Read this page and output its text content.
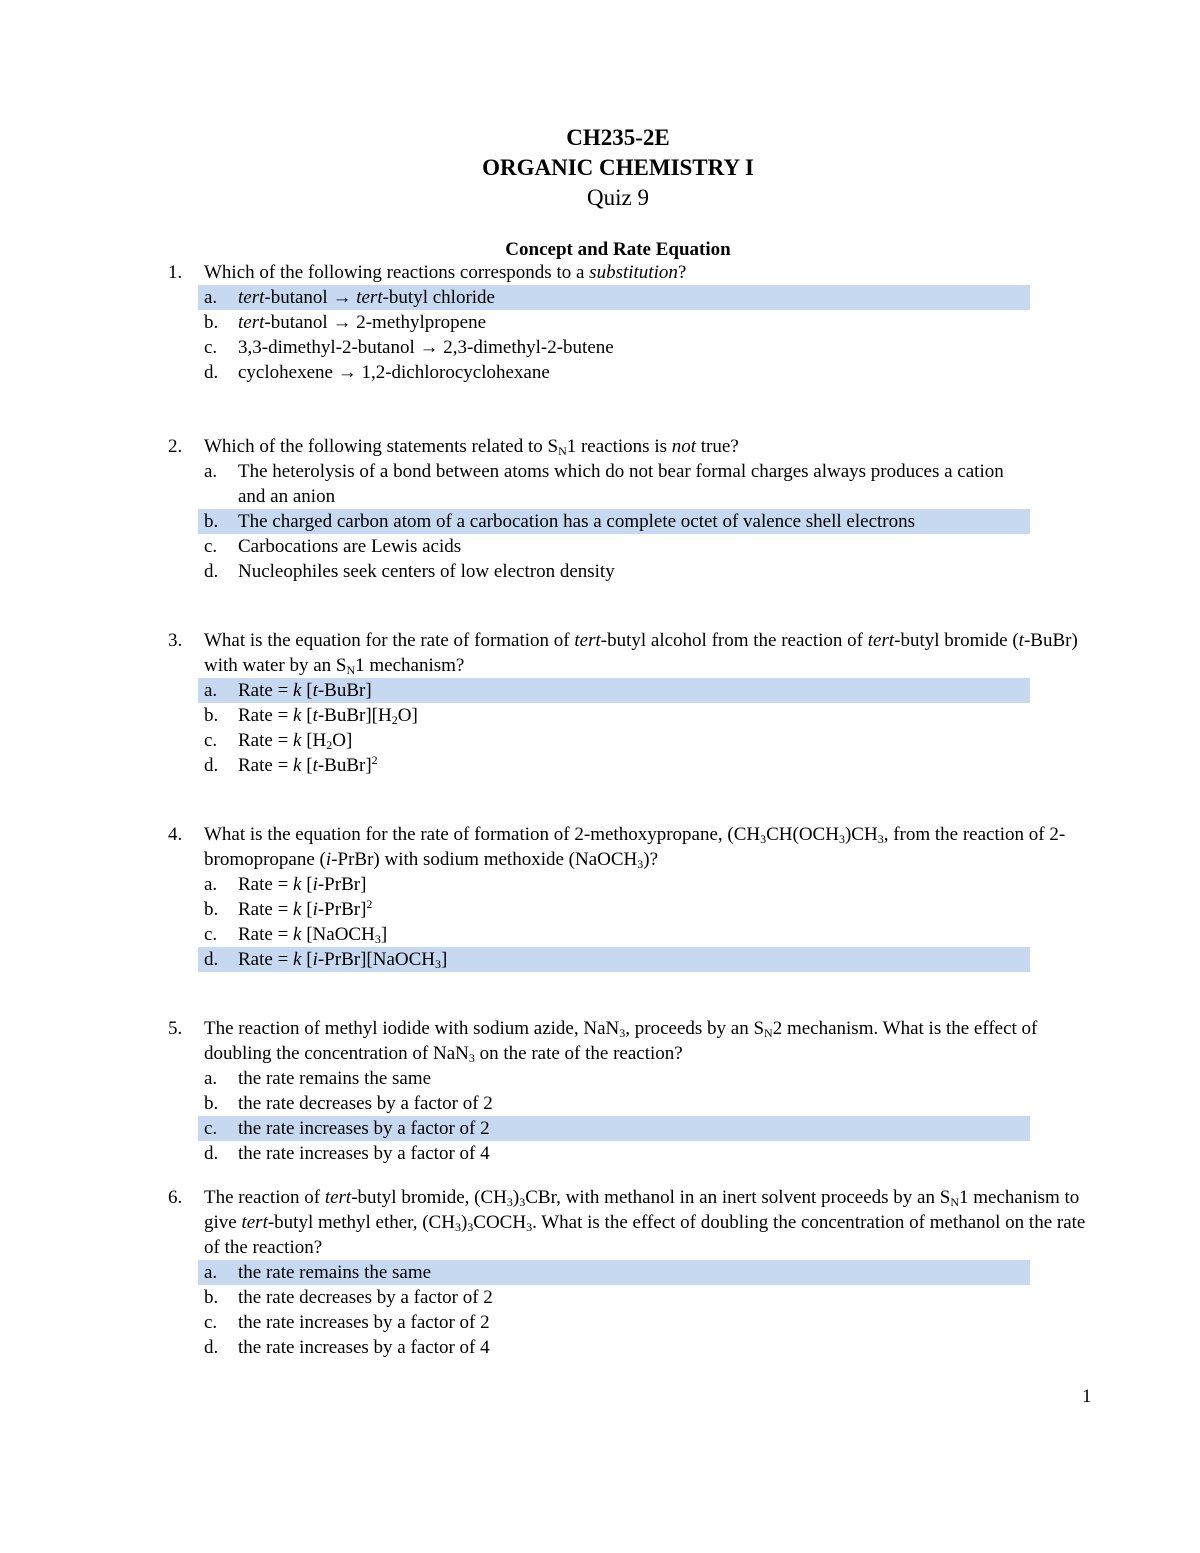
CH235-2E
ORGANIC CHEMISTRY I
Quiz 9
Concept and Rate Equation
1. Which of the following reactions corresponds to a substitution?
a. tert-butanol → tert-butyl chloride
b. tert-butanol → 2-methylpropene
c. 3,3-dimethyl-2-butanol → 2,3-dimethyl-2-butene
d. cyclohexene → 1,2-dichlorocyclohexane
2. Which of the following statements related to $S_N1$ reactions is not true?
a. The heterolysis of a bond between atoms which do not bear formal charges always produces a cation and an anion
b. The charged carbon atom of a carbocation has a complete octet of valence shell electrons
c. Carbocations are Lewis acids
d. Nucleophiles seek centers of low electron density
3. What is the equation for the rate of formation of tert-butyl alcohol from the reaction of tert-butyl bromide (t-BuBr) with water by an $S_N1$ mechanism?
a. Rate = k [t-BuBr]
b. Rate = k $[t-BuBr][H_2O]$
c. Rate = k $[H_2O]$
d. Rate = k [t-BuBr]$^2$
4. What is the equation for the rate of formation of 2-methoxypropane, ($CH_3CH(OCH_3)CH_3$, from the reaction of 2-bromopropane (i-PrBr) with sodium methoxide (NaOCH$_3$)?
a. Rate = k [i-PrBr]
b. Rate = k [i-PrBr]$^2$
c. Rate = k [NaOCH$_3$]
d. Rate = k [i-PrBr][NaOCH$_3$]
5. The reaction of methyl iodide with sodium azide, NaN$_3$, proceeds by an $S_N2$ mechanism. What is the effect of doubling the concentration of NaN$_3$ on the rate of the reaction?
a. the rate remains the same
b. the rate decreases by a factor of 2
c. the rate increases by a factor of 2
d. the rate increases by a factor of 4
6. The reaction of tert-butyl bromide, $(CH_3)_3CBr$, with methanol in an inert solvent proceeds by an $S_N1$ mechanism to give tert-butyl methyl ether, $(CH_3)_3COCH_3$. What is the effect of doubling the concentration of methanol on the rate of the reaction?
a. the rate remains the same
b. the rate decreases by a factor of 2
c. the rate increases by a factor of 2
d. the rate increases by a factor of 4
1
